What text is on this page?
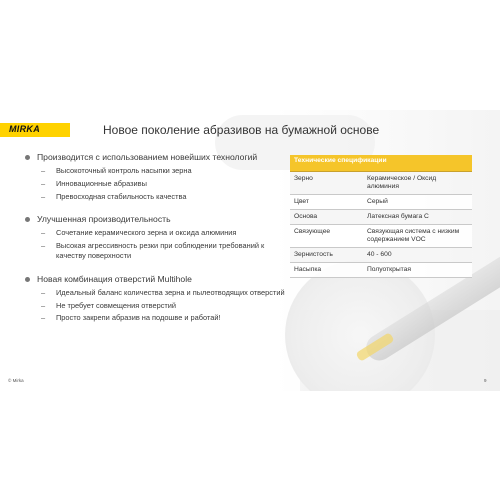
MIRKA	Новое поколение абразивов на бумажной основе
Производится с использованием новейших технологий
–	Высокоточный контроль насыпки зерна
–	Инновационные абразивы
–	Превосходная стабильность качества
Улучшенная производительность
–	Сочетание керамического зерна и оксида алюминия
–	Высокая агрессивность резки при соблюдении требований к качеству поверхности
Новая комбинация отверстий Multihole
–	Идеальный баланс количества зерна и пылеотводящих отверстий
–	Не требует совмещения отверстий
–	Просто закрепи абразив на подошве и работай!
Технические спецификации
Зерно	Керамическое / Оксид алюминия
Цвет	Серый
Основа	Латексная бумага С
Связующее	Связующая система с низким содержанием VOC
Зернистость	40 - 600
Насыпка	Полуоткрытая
© Mirka	9
